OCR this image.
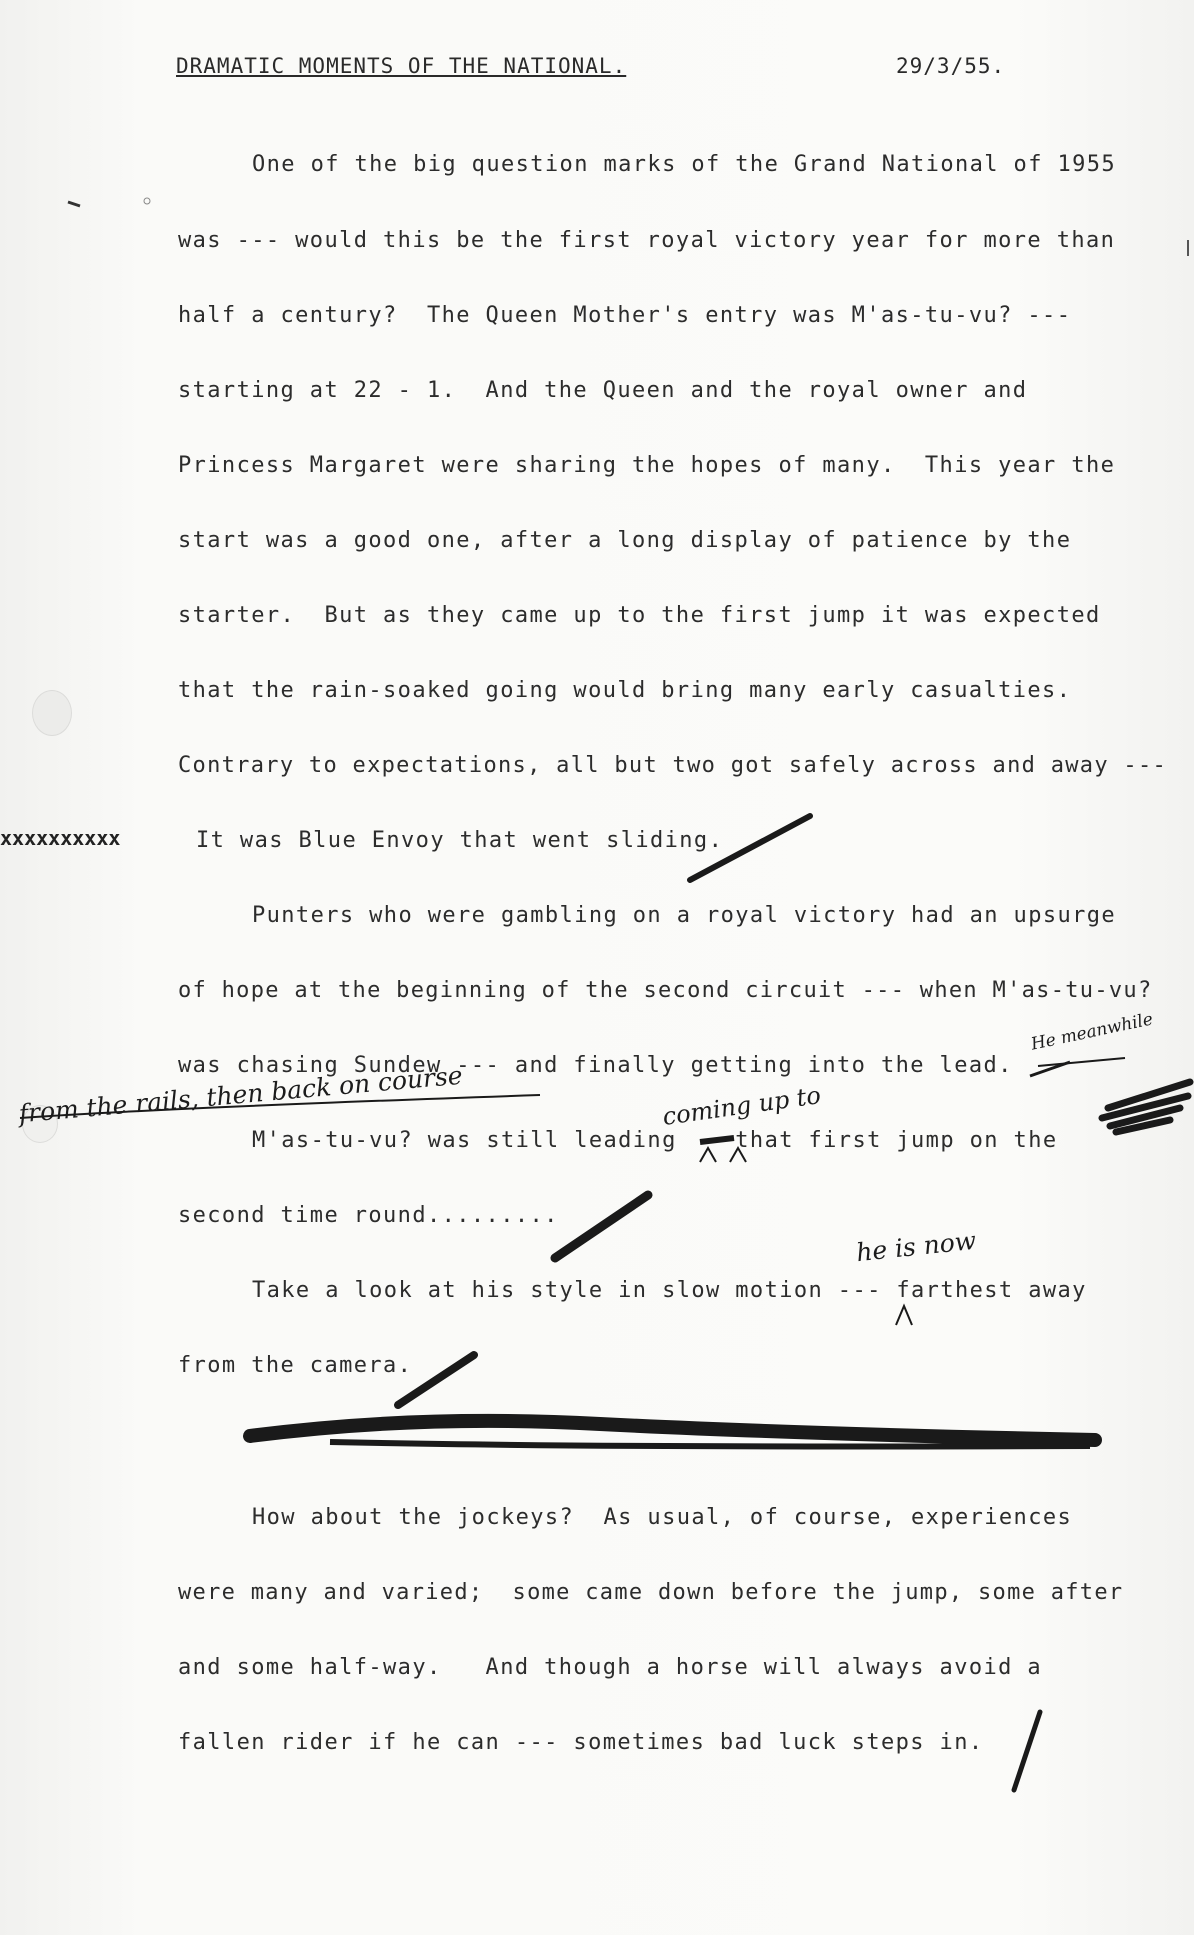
DRAMATIC MOMENTS OF THE NATIONAL.	29/3/55.
xxxxxxxxxx
One of the big question marks of the Grand National of 1955
was --- would this be the first royal victory year for more than
half a century?  The Queen Mother's entry was M'as-tu-vu? ---
starting at 22 - 1.  And the Queen and the royal owner and
Princess Margaret were sharing the hopes of many.  This year the
start was a good one, after a long display of patience by the
starter.  But as they came up to the first jump it was expected
that the rain-soaked going would bring many early casualties.
Contrary to expectations, all but two got safely across and away ---
It was Blue Envoy that went sliding.
Punters who were gambling on a royal victory had an upsurge
of hope at the beginning of the second circuit --- when M'as-tu-vu?
was chasing Sundew --- and finally getting into the lead.
M'as-tu-vu? was still leading    that first jump on the
second time round.........
Take a look at his style in slow motion --- farthest away
from the camera.
How about the jockeys?  As usual, of course, experiences
were many and varied;  some came down before the jump, some after
and some half-way.   And though a horse will always avoid a
fallen rider if he can --- sometimes bad luck steps in.
He meanwhile
from the rails, then back on course	coming up to
he is now
